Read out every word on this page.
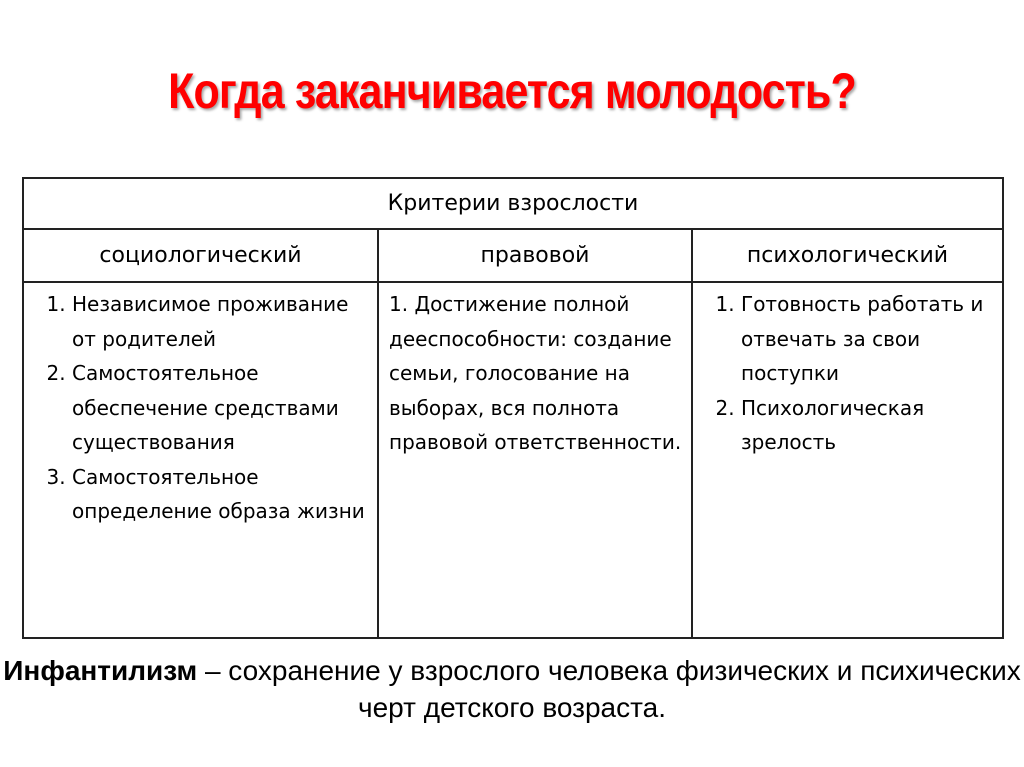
Когда заканчивается молодость?
Критерии взрослости		
социологический	правовой	психологический

1. Независимое проживание от родителей
2. Самостоятельное обеспечение средствами существования
3. Самостоятельное определение образа жизни

1. Достижение полной дееспособности: создание семьи, голосование на выборах, вся полнота правовой ответственности.

1. Готовность работать и отвечать за свои поступки
2. Психологическая зрелость
Инфантилизм – сохранение у взрослого человека физических и психических черт детского возраста.
